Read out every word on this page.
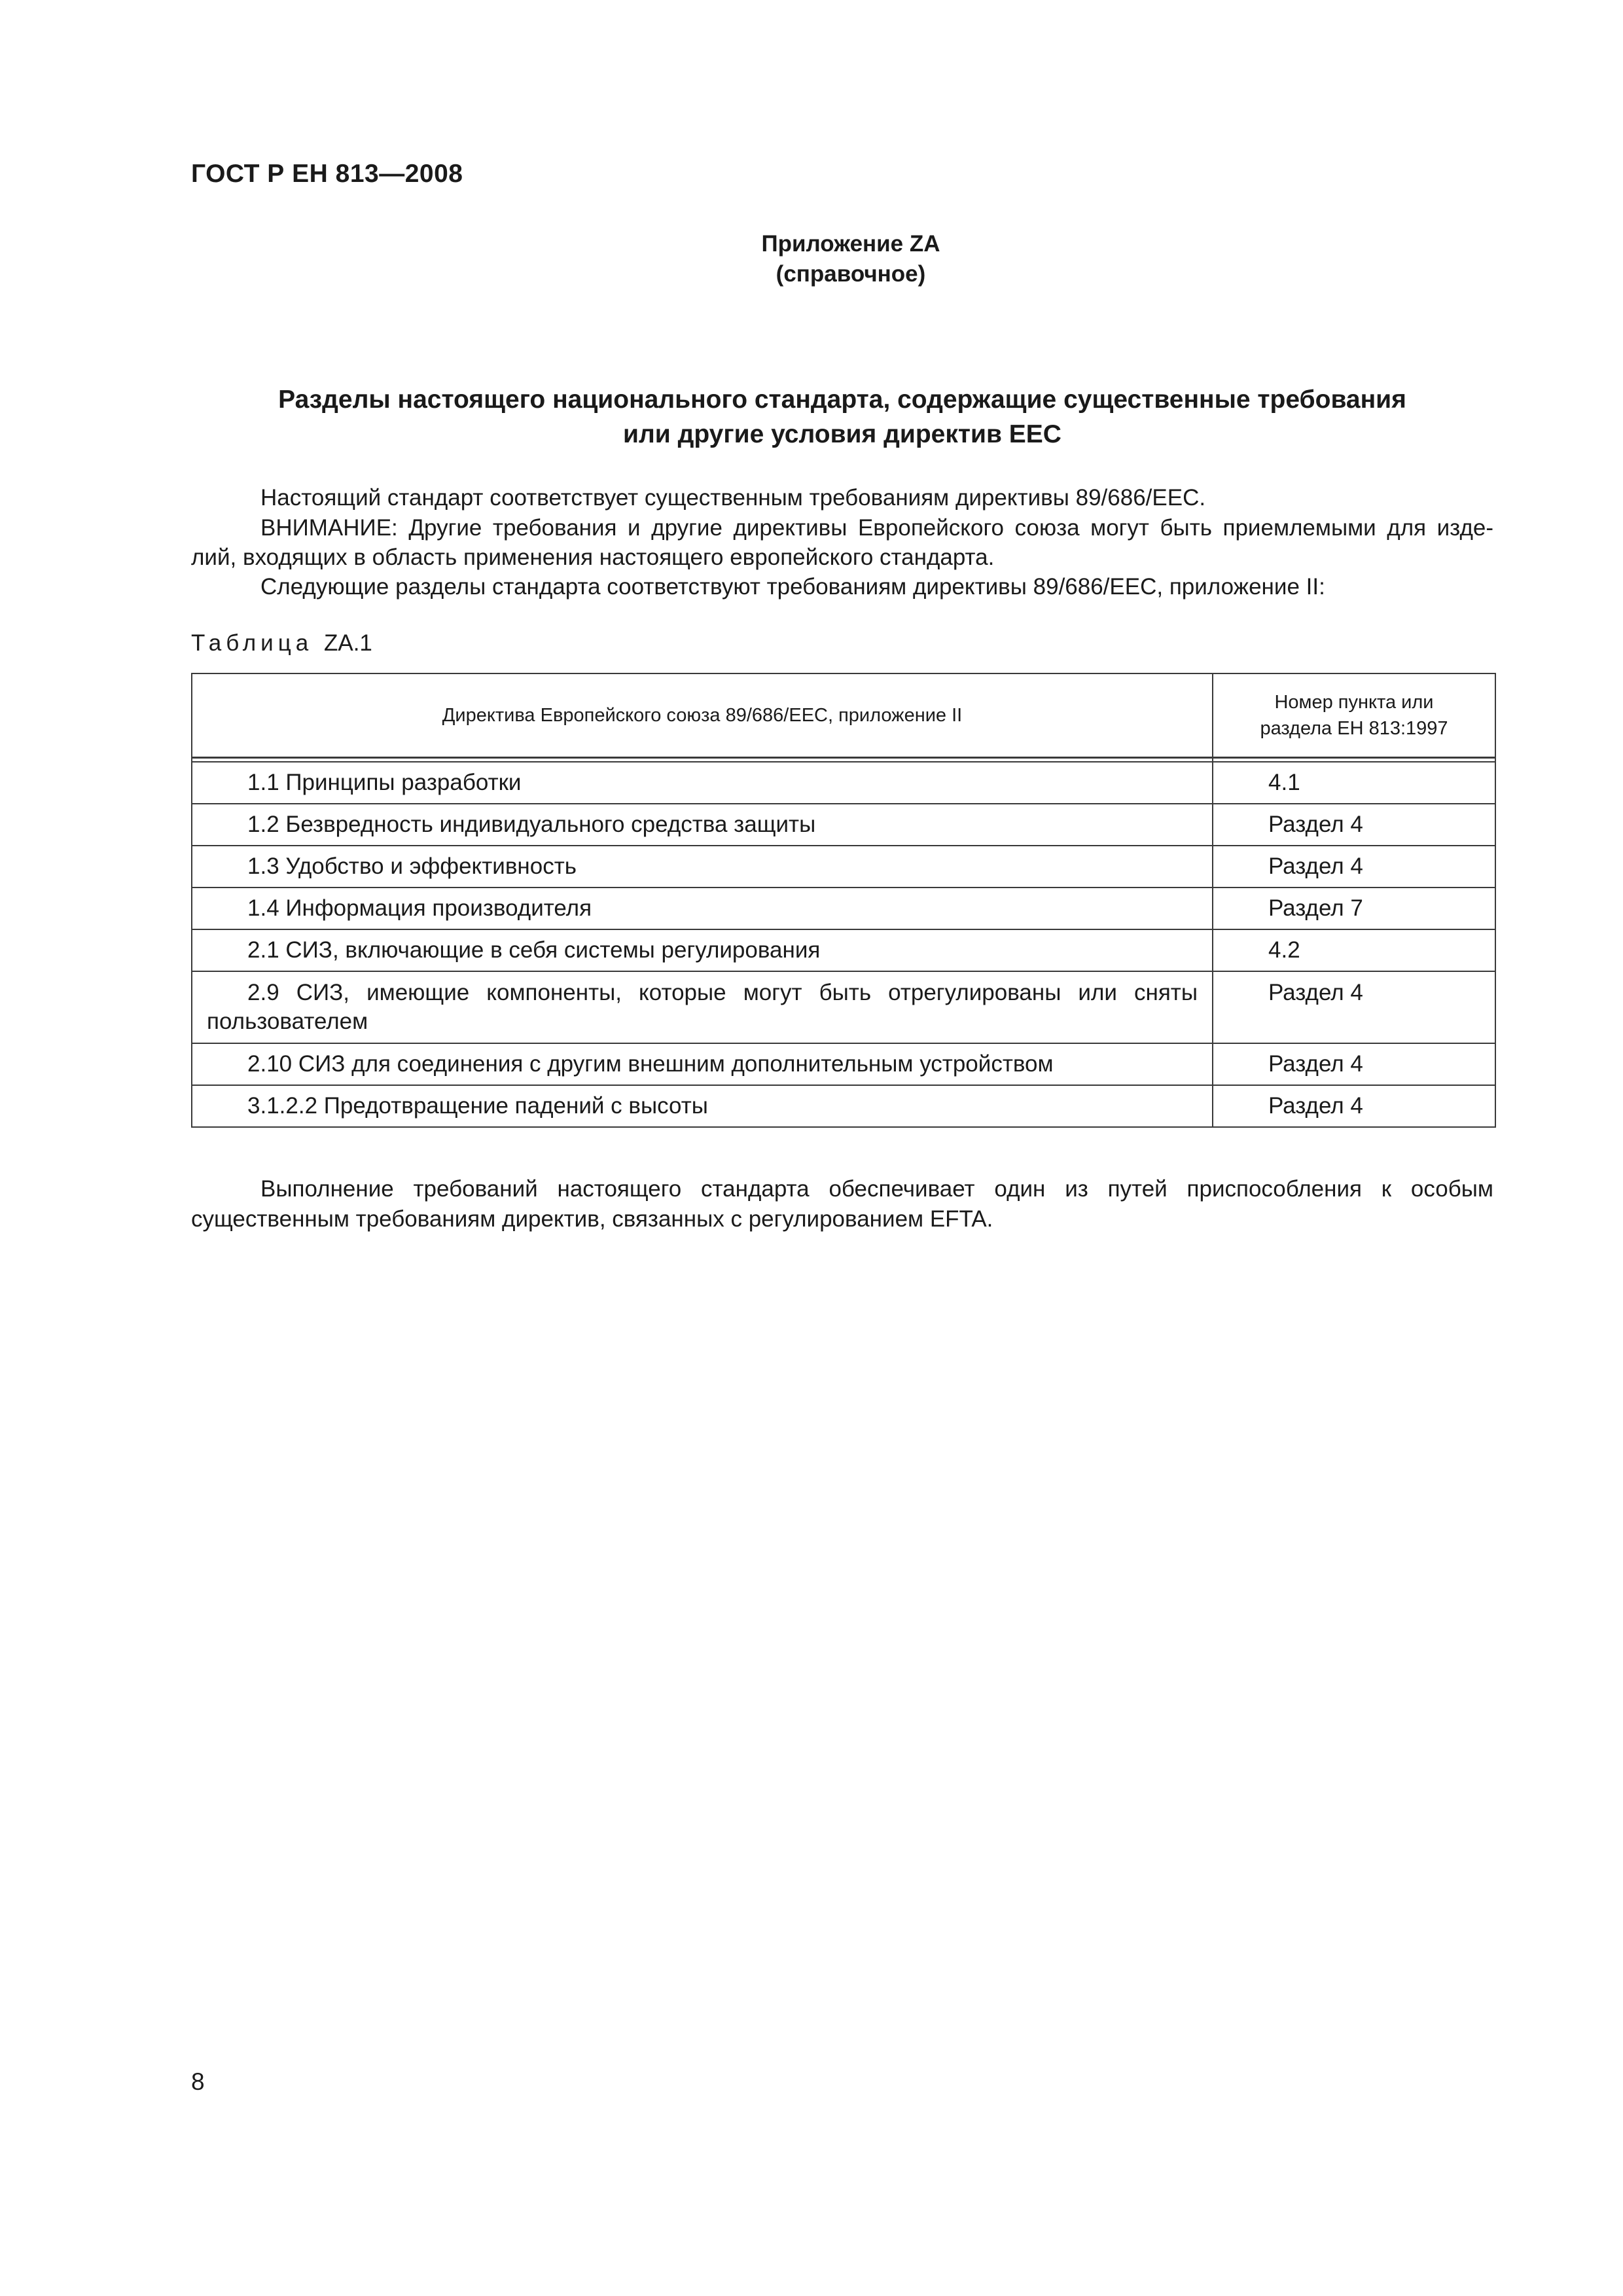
ГОСТ Р ЕН 813—2008
Приложение ZA
(справочное)
Разделы настоящего национального стандарта, содержащие существенные требования
или другие условия директив ЕЕС

Настоящий стандарт соответствует существенным требованиям директивы 89/686/ЕЕС.

ВНИМАНИЕ: Другие требования и другие директивы Европейского союза могут быть приемлемыми для изде-

лий, входящих в область применения настоящего европейского стандарта.

Следующие разделы стандарта соответствуют требованиям директивы 89/686/ЕЕС, приложение II:

Таблица ZA.1
Директива Европейского союза 89/686/ЕЕС, приложение II	Номер пункта или
раздела ЕН 813:1997

1.1 Принципы разработки	4.1
1.2 Безвредность индивидуального средства защиты	Раздел 4
1.3 Удобство и эффективность	Раздел 4
1.4 Информация производителя	Раздел 7
2.1 СИЗ, включающие в себя системы регулирования	4.2
2.9 СИЗ, имеющие компоненты, которые могут быть отрегулированы или сняты пользователем	Раздел 4
2.10 СИЗ для соединения с другим внешним дополнительным устройством	Раздел 4
3.1.2.2 Предотвращение падений с высоты	Раздел 4

Выполнение требований настоящего стандарта обеспечивает один из путей приспособления к особым

существенным требованиям директив, связанных с регулированием EFTA.

8
